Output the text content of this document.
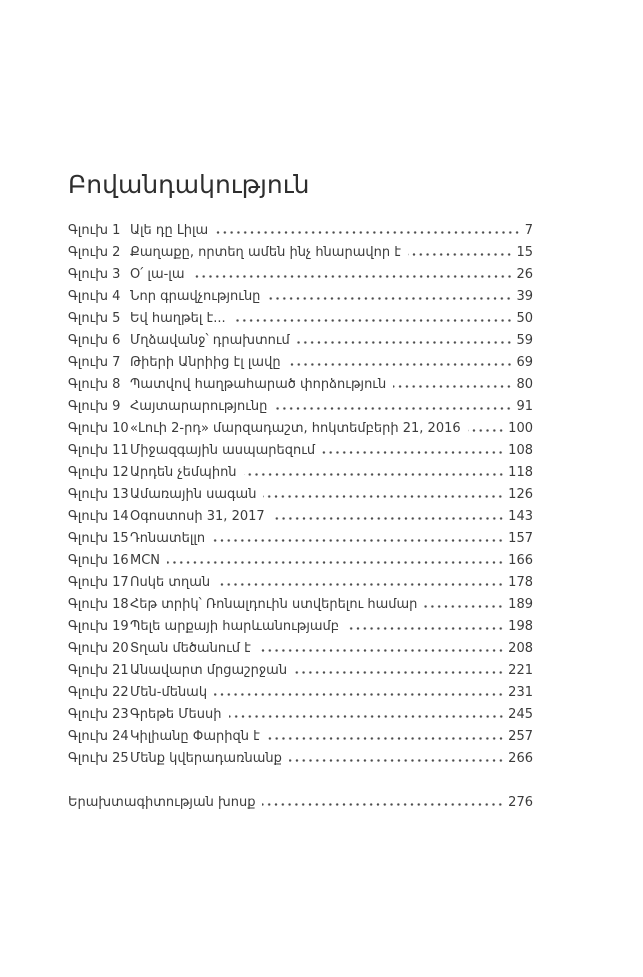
Բովանդակություն
Գլուխ 1 Ալե դը Լիլա	7
Գլուխ 2 Քաղաքը, որտեղ ամեն ինչ հնարավոր է	15
Գլուխ 3 Օ՛ լա-լա	26
Գլուխ 4 Նոր գրավչությունը	39
Գլուխ 5 Եվ հաղթել է...	50
Գլուխ 6 Մղձավանջ՝ դրախտում	59
Գլուխ 7 Թիերի Անրիից էլ լավը	69
Գլուխ 8 Պատվով հաղթահարած փորձություն	80
Գլուխ 9 Հայտարարությունը	91
Գլուխ 10 «Լուի 2-րդ» մարզադաշտ, հոկտեմբերի 21, 2016	100
Գլուխ 11 Միջազգային ասպարեզում	108
Գլուխ 12 Արդեն չեմպիոն	118
Գլուխ 13 Ամառային սագան	126
Գլուխ 14 Օգոստոսի 31, 2017	143
Գլուխ 15 Դոնատելլո	157
Գլուխ 16 MCN	166
Գլուխ 17 Ոսկե տղան	178
Գլուխ 18 Հեթ տրիկ՝ Ռոնալդուին ստվերելու համար	189
Գլուխ 19 Պելե արքայի հարևանությամբ	198
Գլուխ 20 Տղան մեծանում է	208
Գլուխ 21 Անավարտ մրցաշրջան	221
Գլուխ 22 Մեն-մենակ	231
Գլուխ 23 Գրեթե Մեսսի	245
Գլուխ 24 Կիլիանը Փարիզն է	257
Գլուխ 25 Մենք կվերադառնանք	266
Երախտագիտության խոսք	276
